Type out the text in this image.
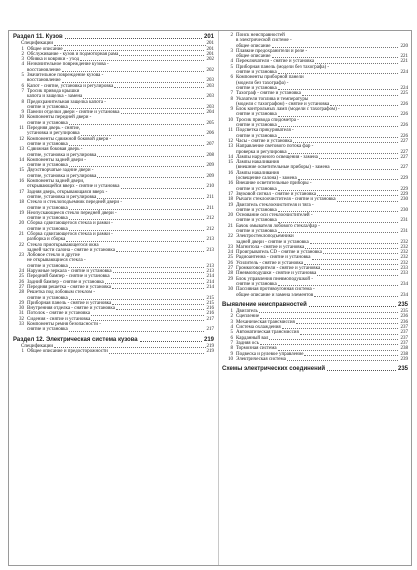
Раздел 11. Кузов	201
Спецификации	201
1 Общее описание	201
2 Обслуживание - кузов и подмоторная рама	201
3 Обивка и коврики - уход	202
4 Незначительное повреждение кузова -
восстановление	202
5 Значительное повреждение кузова -
восстановление	203
6 Капот - снятие, установка и регулировка	203
7 Тросик привода крышки
капота и защелка - замена	203
8 Предохранительная защелка капота -
снятие и установка	203
9 Панели отделки двери - снятие и установка	204
10 Компоненты передней двери -
снятие и установка	205
11 Передняя дверь - снятие,
установка и регулировка	206
12 Компоненты сдвижной боковой двери -
снятие и установка	207
13 Сдвижная боковая дверь -
снятие, установка и регулировка	208
14 Компоненты задней двери -
снятие и установка	209
15 Двухстворчатые задние двери -
снятие, установка и регулировка	209
16 Компоненты задней двери,
открывающейся вверх - снятие и установка	210
17 Задняя дверь, открывающаяся вверх -
снятие, установка и регулировка	211
18 Стекло и стеклоподъемник передней двери -
снятие и установка	211
19 Неопускающееся стекло передней двери -
снятие и установка	212
20 Сборка сдвигающегося стекла и рамки -
снятие и установка	212
21 Сборка сдвигающегося стекла и рамки -
разборка и сборка	213
22 Стекло приоткрывающегося окна
задней части салона - снятие и установка	213
23 Лобовое стекло и другие
не открывающиеся стекла -
снятие и установка	213
24 Наружные зеркала - снятие и установка	213
25 Передний бампер - снятие и установка	214
26 Задний бампер - снятие и установка	214
27 Передняя решетка - снятие и установка	214
28 Решетка под лобовым стеклом -
снятие и установка	215
29 Приборная панель - снятие и установка	215
30 Внутренняя отделка - снятие и установка	216
31 Потолок - снятие и установка	216
32 Сидения - снятие и установка	217
33 Компоненты ремня безопасности -
снятие и установка	217
Раздел 12. Электрическая система кузова	219
Спецификации	219
1 Общее описание и предосторожности	219
2 Поиск неисправностей
в электрической системе -
общее описание	220
3 Плавкие предохранители и реле -
общее описание	221
4 Переключатели - снятие и установка	221
5 Приборная панель (модели без тахографа) -
снятие и установка	224
6 Компоненты приборной панели
(модели без тахографа) -
снятие и установка	224
7 Тахограф - снятие и установка	225
8 Указатели топлива и температуры
(модели с тахографом) - снятие и установка	226
9 Блок контрольных ламп (модели с тахографом) -
снятие и установка	226
10 Тросик привода спидометра -
снятие и установка	226
11 Подсветка прикуривателя -
снятие и установка	226
12 Часы - снятие и установка	227
13 Направление светового потока фар -
проверка и регулировка	227
14 Лампы наружного освещения - замена	227
15 Лампы накаливания
(внешние осветительные приборы) - замена	227
16 Лампы накаливания
(освещение салона) - замена	229
16 Внешние осветительные приборы -
снятие и установка	229
17 Звуковой сигнал - снятие и установка	229
18 Рычаги стеклоочистителя - снятие и установка	230
19 Двигатель стеклоочистителя и тяга -
снятие и установка	230
20 Основание оси стеклоочистителей -
снятие и установка	231
21 Бачок омывателя лобового стекла/фар -
снятие и установка	231
22 Электростеклоподъемники
задней двери - снятие и установка	232
23 Магнитола - снятие и установка	232
24 Проигрыватель CD - снятие и установка	232
25 Радиоантенна - снятие и установка	232
26 Усилитель - снятие и установка	232
27 Громкоговорители - снятие и установка	233
28 Пневмоподушки - снятие и установка	233
29 Блок управления пневмоподушкой -
снятие и установка	234
30 Пассивная противоугонная система -
общее описание и замена элементов	234
Выявление неисправностей	235
1 Двигатель	235
2 Сцепление	236
3 Механическая трансмиссия	236
4 Система охлаждения	237
5 Автоматическая трансмиссия	237
6 Карданный вал	237
7 Задняя ось	237
8 Тормозная система	238
9 Подвеска и рулевое управление	238
10 Электрическая система	239
Схемы электрических соединений	235
